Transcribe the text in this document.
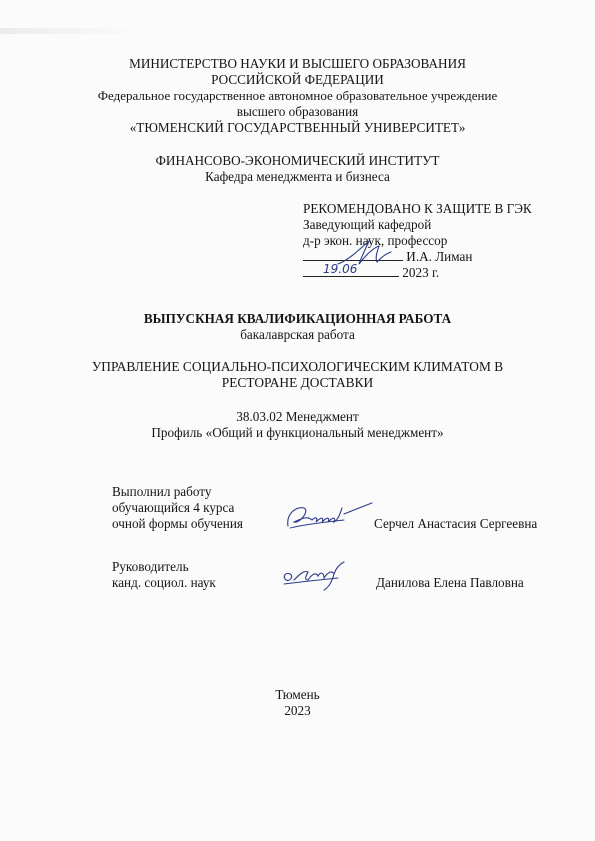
МИНИСТЕРСТВО НАУКИ И ВЫСШЕГО ОБРАЗОВАНИЯ
РОССИЙСКОЙ ФЕДЕРАЦИИ
Федеральное государственное автономное образовательное учреждение
высшего образования
«ТЮМЕНСКИЙ ГОСУДАРСТВЕННЫЙ УНИВЕРСИТЕТ»
ФИНАНСОВО-ЭКОНОМИЧЕСКИЙ ИНСТИТУТ
Кафедра менеджмента и бизнеса
РЕКОМЕНДОВАНО К ЗАЩИТЕ В ГЭК
Заведующий кафедрой
д-р экон. наук, профессор
И.А. Лиман
2023 г.
19.06
ВЫПУСКНАЯ КВАЛИФИКАЦИОННАЯ РАБОТА
бакалаврская работа
УПРАВЛЕНИЕ СОЦИАЛЬНО-ПСИХОЛОГИЧЕСКИМ КЛИМАТОМ В
РЕСТОРАНЕ ДОСТАВКИ
38.03.02 Менеджмент
Профиль «Общий и функциональный менеджмент»
Выполнил работу
обучающийся 4 курса
очной формы обучения	Серчел Анастасия Сергеевна
Руководитель
канд. социол. наук	Данилова Елена Павловна
Тюмень
2023
